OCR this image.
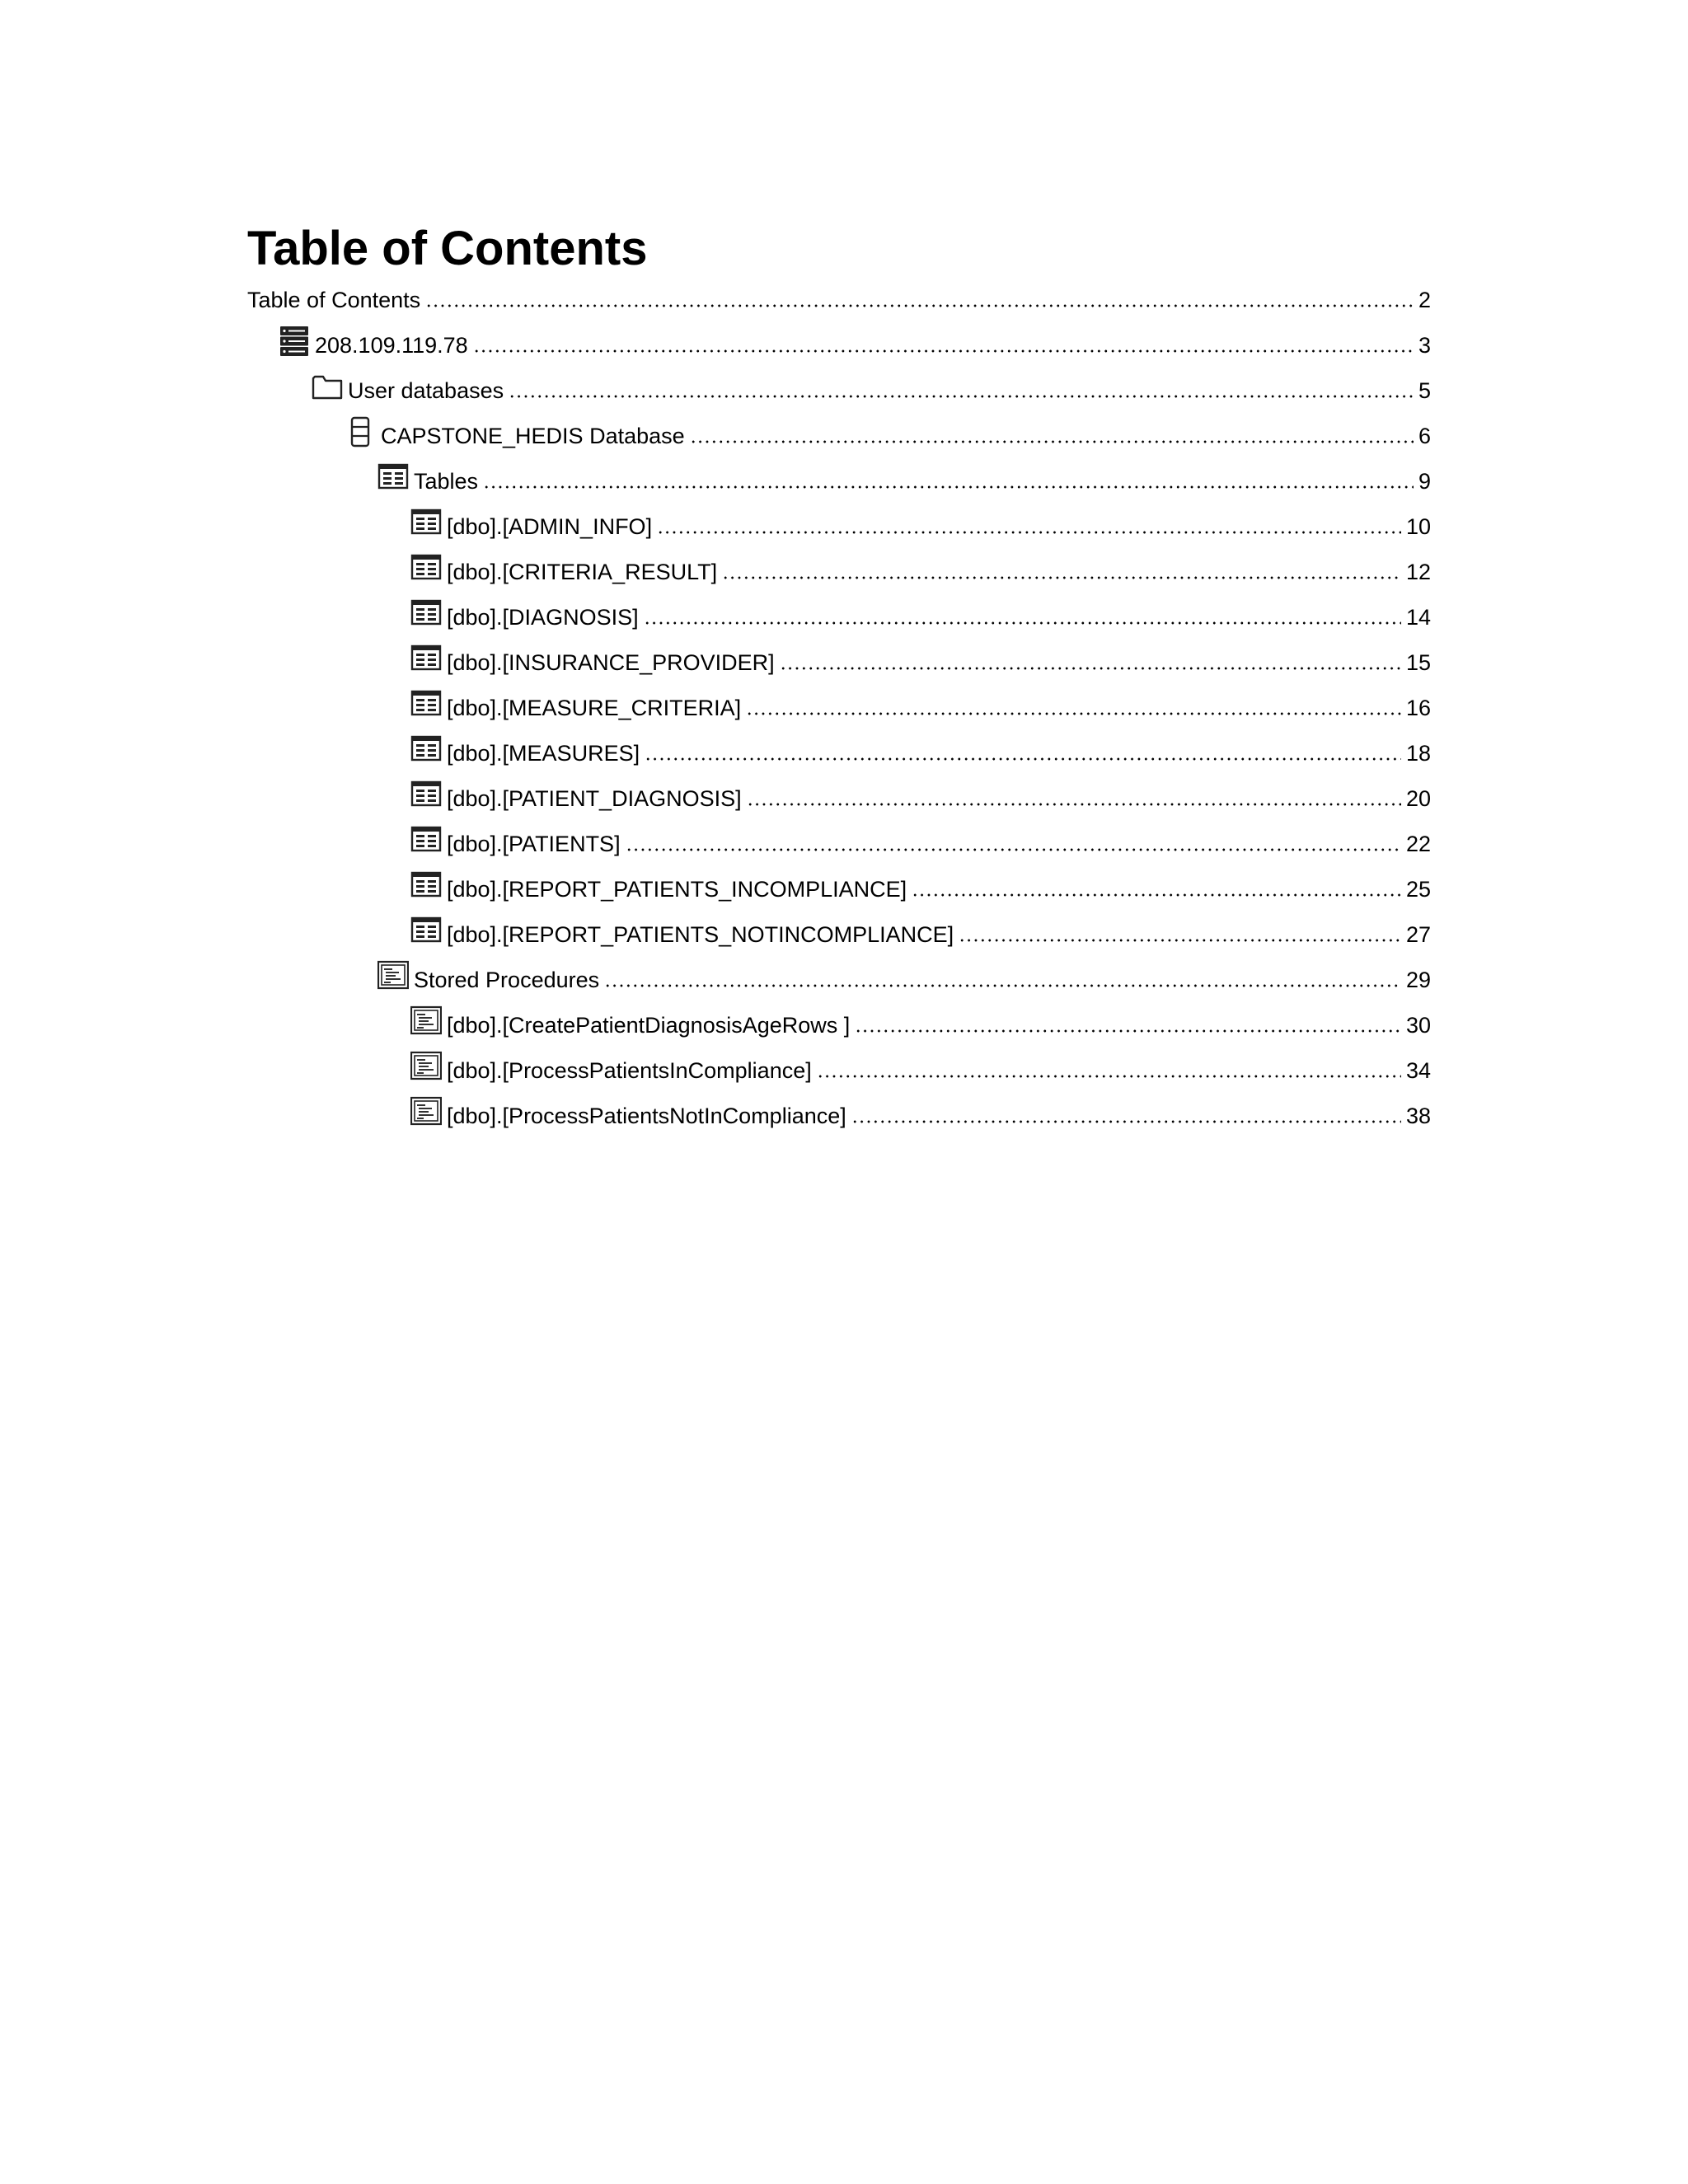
Table of Contents
Table of Contents	2
208.109.119.78	3
User databases	5
CAPSTONE_HEDIS Database	6
Tables	9
[dbo].[ADMIN_INFO]	10
[dbo].[CRITERIA_RESULT]	12
[dbo].[DIAGNOSIS]	14
[dbo].[INSURANCE_PROVIDER]	15
[dbo].[MEASURE_CRITERIA]	16
[dbo].[MEASURES]	18
[dbo].[PATIENT_DIAGNOSIS]	20
[dbo].[PATIENTS]	22
[dbo].[REPORT_PATIENTS_INCOMPLIANCE]	25
[dbo].[REPORT_PATIENTS_NOTINCOMPLIANCE]	27
Stored Procedures	29
[dbo].[CreatePatientDiagnosisAgeRows ]	30
[dbo].[ProcessPatientsInCompliance]	34
[dbo].[ProcessPatientsNotInCompliance]	38
